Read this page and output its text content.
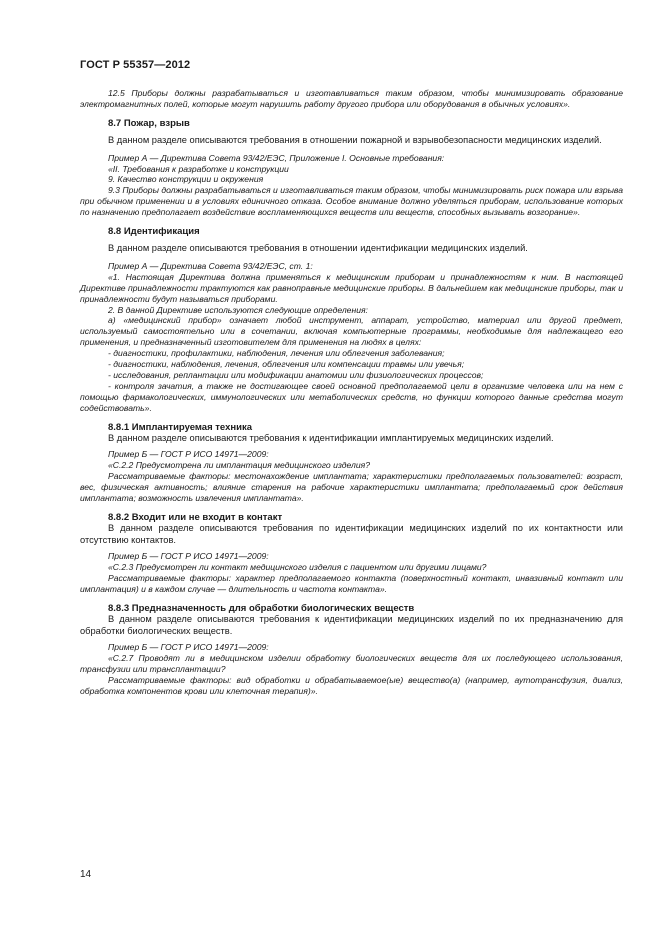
ГОСТ Р 55357—2012

12.5 Приборы должны разрабатываться и изготавливаться таким образом, чтобы минимизировать образование электромагнитных полей, которые могут нарушить работу другого прибора или оборудования в обычных условиях».

8.7 Пожар, взрыв

В данном разделе описываются требования в отношении пожарной и взрывобезопасности медицинских изделий.

Пример А — Директива Совета 93/42/ЕЭС, Приложение I. Основные требования:

«II. Требования к разработке и конструкции

9. Качество конструкции и окружения

9.3 Приборы должны разрабатываться и изготавливаться таким образом, чтобы минимизировать риск пожара или взрыва при обычном применении и в условиях единичного отказа. Особое внимание должно уделяться приборам, использование которых по назначению предполагает воздействие воспламеняющихся веществ или веществ, способных вызывать возгорание».

8.8 Идентификация

В данном разделе описываются требования в отношении идентификации медицинских изделий.

Пример А — Директива Совета 93/42/ЕЭС, ст. 1:

«1. Настоящая Директива должна применяться к медицинским приборам и принадлежностям к ним. В настоящей Директиве принадлежности трактуются как равноправные медицинские приборы. В дальнейшем как медицинские приборы, так и принадлежности будут называться приборами.

2. В данной Директиве используются следующие определения:

а) «медицинский прибор» означает любой инструмент, аппарат, устройство, материал или другой предмет, используемый самостоятельно или в сочетании, включая компьютерные программы, необходимые для надлежащего его применения, и предназначенный изготовителем для применения на людях в целях:

- диагностики, профилактики, наблюдения, лечения или облегчения заболевания;

- диагностики, наблюдения, лечения, облегчения или компенсации травмы или увечья;

- исследования, реплантации или модификации анатомии или физиологических процессов;

- контроля зачатия, а также не достигающее своей основной предполагаемой цели в организме человека или на нем с помощью фармакологических, иммунологических или метаболических средств, но функции которого данные средства могут содействовать».

8.8.1 Имплантируемая техника

В данном разделе описываются требования к идентификации имплантируемых медицинских изделий.

Пример Б — ГОСТ Р ИСО 14971—2009:

«С.2.2 Предусмотрена ли имплантация медицинского изделия?

Рассматриваемые факторы: местонахождение имплантата; характеристики предполагаемых пользователей: возраст, вес, физическая активность; влияние старения на рабочие характеристики имплантата; предполагаемый срок действия имплантата; возможность извлечения имплантата».

8.8.2 Входит или не входит в контакт

В данном разделе описываются требования по идентификации медицинских изделий по их контактности или отсутствию контактов.

Пример Б — ГОСТ Р ИСО 14971—2009:

«С.2.3 Предусмотрен ли контакт медицинского изделия с пациентом или другими лицами?

Рассматриваемые факторы: характер предполагаемого контакта (поверхностный контакт, инвазивный контакт или имплантация) и в каждом случае — длительность и частота контакта».

8.8.3 Предназначенность для обработки биологических веществ

В данном разделе описываются требования к идентификации медицинских изделий по их предназначению для обработки биологических веществ.

Пример Б — ГОСТ Р ИСО 14971—2009:

«С.2.7 Проводят ли в медицинском изделии обработку биологических веществ для их последующего использования, трансфузии или трансплантации?

Рассматриваемые факторы: вид обработки и обрабатываемое(ые) вещество(а) (например, аутотрансфузия, диализ, обработка компонентов крови или клеточная терапия)».

14
